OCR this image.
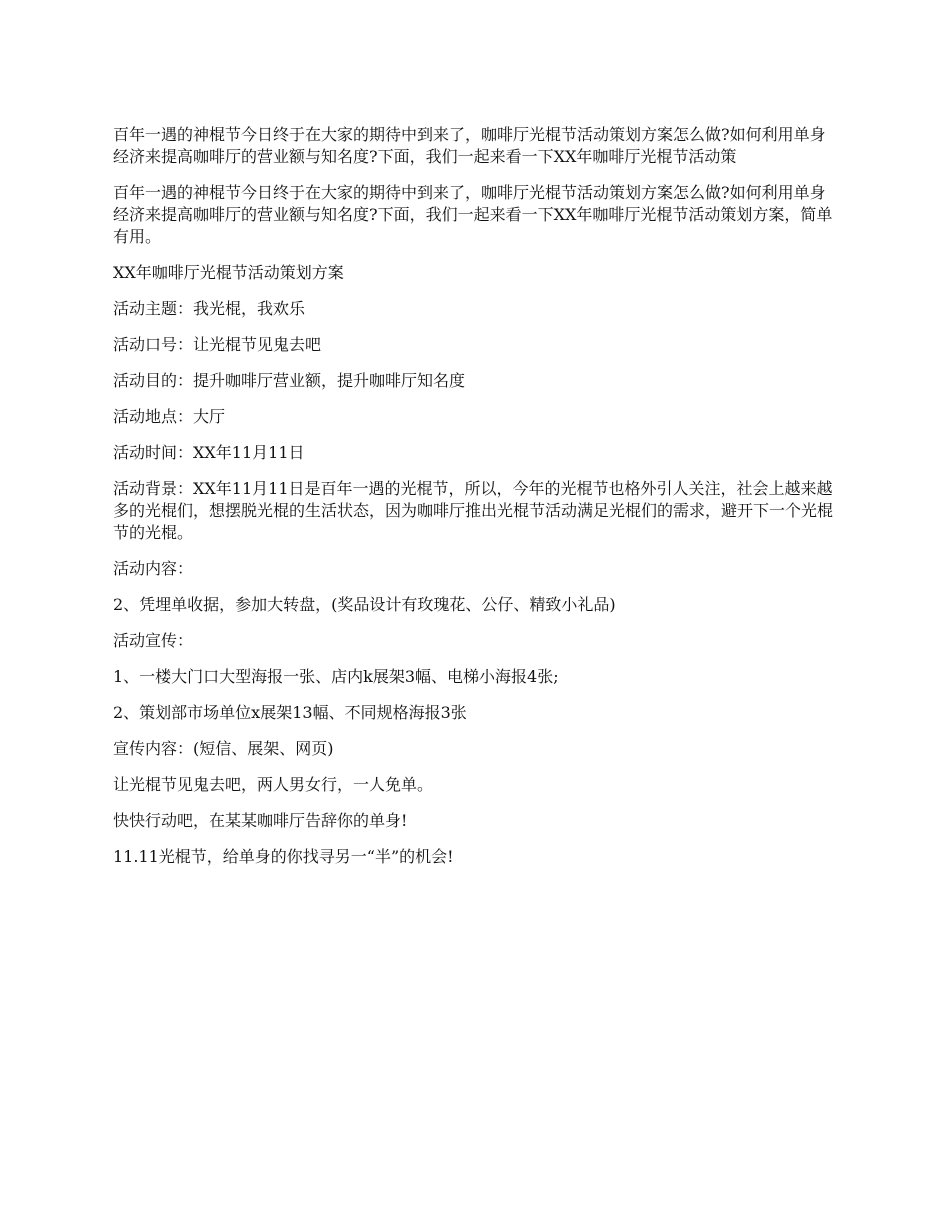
百年一遇的神棍节今日终于在大家的期待中到来了，咖啡厅光棍节活动策划方案怎么做?如何利用单身经济来提高咖啡厅的营业额与知名度?下面，我们一起来看一下XX年咖啡厅光棍节活动策

百年一遇的神棍节今日终于在大家的期待中到来了，咖啡厅光棍节活动策划方案怎么做?如何利用单身经济来提高咖啡厅的营业额与知名度?下面，我们一起来看一下XX年咖啡厅光棍节活动策划方案，简单有用。

XX年咖啡厅光棍节活动策划方案

活动主题：我光棍，我欢乐

活动口号：让光棍节见鬼去吧

活动目的：提升咖啡厅营业额，提升咖啡厅知名度

活动地点：大厅

活动时间：XX年11月11日

活动背景：XX年11月11日是百年一遇的光棍节，所以，今年的光棍节也格外引人关注，社会上越来越多的光棍们，想摆脱光棍的生活状态，因为咖啡厅推出光棍节活动满足光棍们的需求，避开下一个光棍节的光棍。

活动内容：

2、凭埋单收据，参加大转盘，(奖品设计有玫瑰花、公仔、精致小礼品)

活动宣传：

1、一楼大门口大型海报一张、店内k展架3幅、电梯小海报4张;

2、策划部市场单位x展架13幅、不同规格海报3张

宣传内容：(短信、展架、网页)

让光棍节见鬼去吧，两人男女行，一人免单。

快快行动吧，在某某咖啡厅告辞你的单身!

11.11光棍节，给单身的你找寻另一“半”的机会!
